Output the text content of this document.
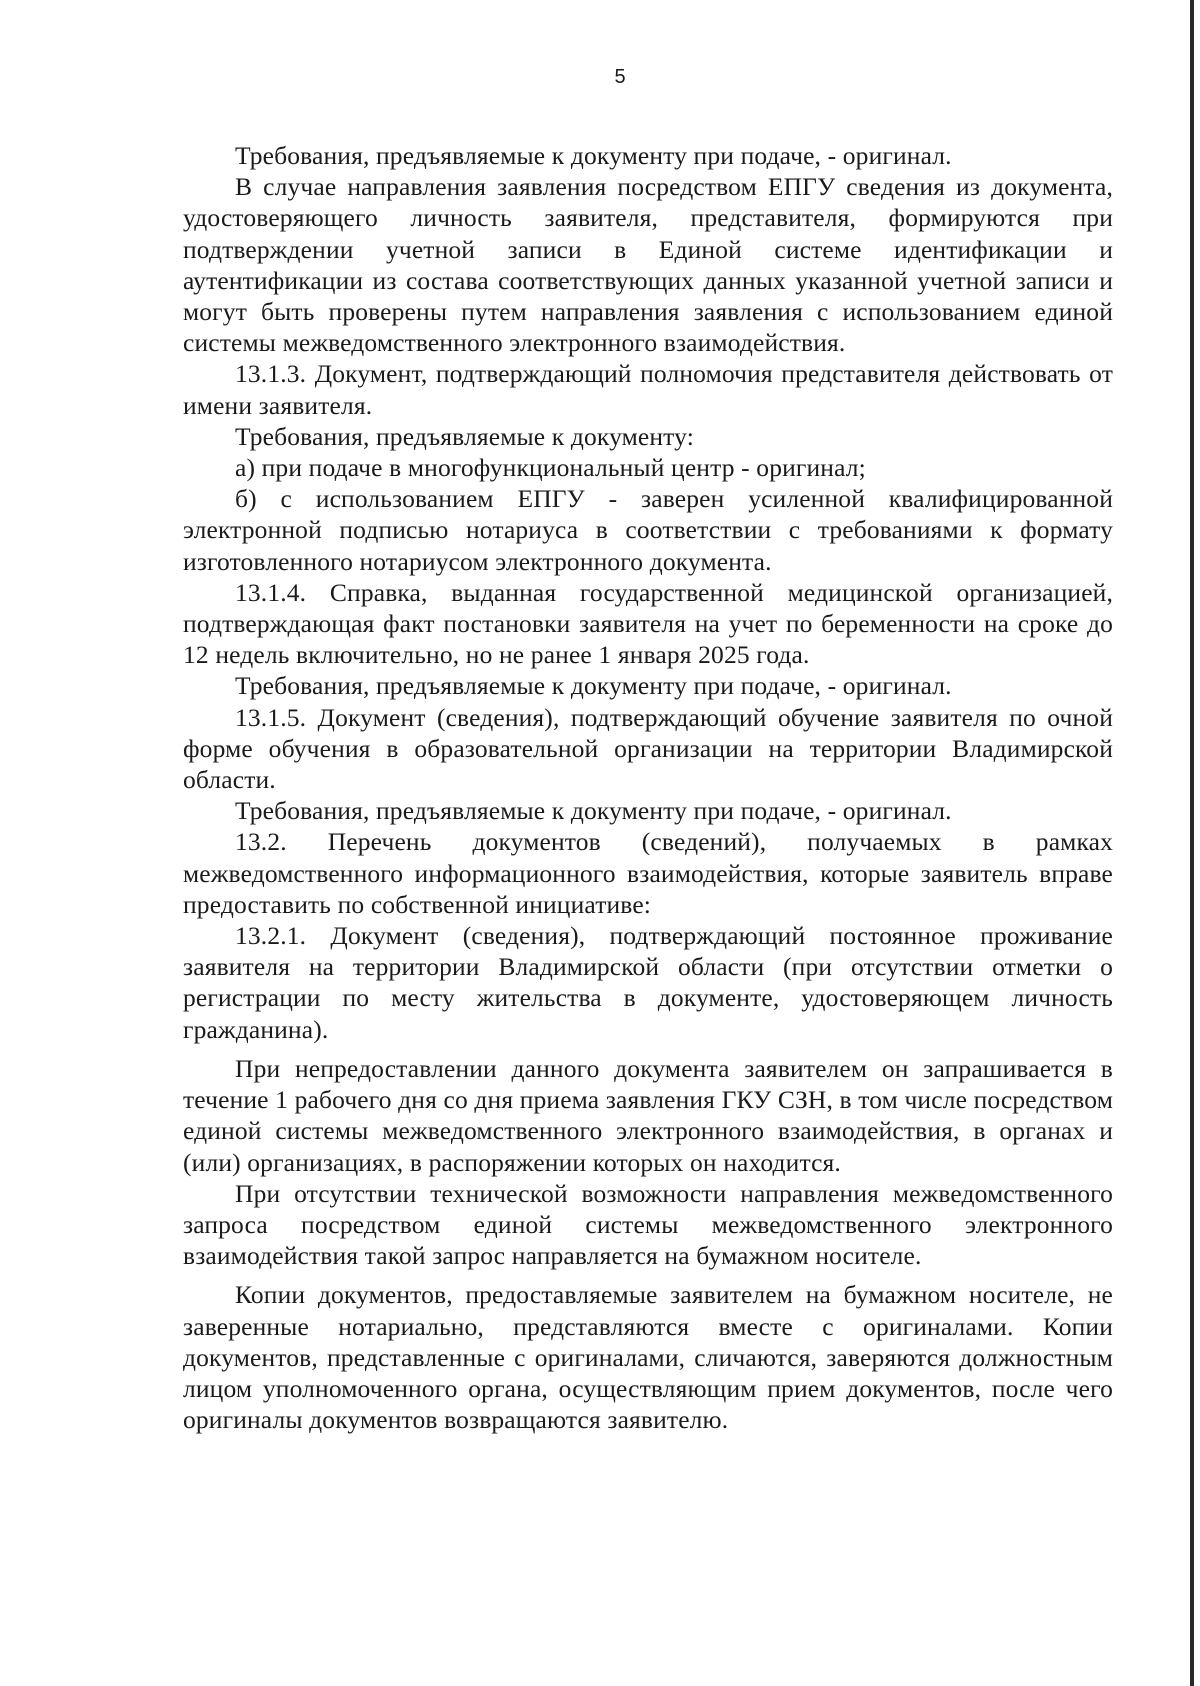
5

Требования, предъявляемые к документу при подаче, - оригинал.

В случае направления заявления посредством ЕПГУ сведения из документа, удостоверяющего личность заявителя, представителя, формируются при подтверждении учетной записи в Единой системе идентификации и аутентификации из состава соответствующих данных указанной учетной записи и могут быть проверены путем направления заявления с использованием единой системы межведомственного электронного взаимодействия.

13.1.3. Документ, подтверждающий полномочия представителя действовать от имени заявителя.

Требования, предъявляемые к документу:

а) при подаче в многофункциональный центр - оригинал;

б) с использованием ЕПГУ - заверен усиленной квалифицированной электронной подписью нотариуса в соответствии с требованиями к формату изготовленного нотариусом электронного документа.

13.1.4. Справка, выданная государственной медицинской организацией, подтверждающая факт постановки заявителя на учет по беременности на сроке до 12 недель включительно, но не ранее 1 января 2025 года.

Требования, предъявляемые к документу при подаче, - оригинал.

13.1.5. Документ (сведения), подтверждающий обучение заявителя по очной форме обучения в образовательной организации на территории Владимирской области.

Требования, предъявляемые к документу при подаче, - оригинал.

13.2. Перечень документов (сведений), получаемых в рамках межведомственного информационного взаимодействия, которые заявитель вправе предоставить по собственной инициативе:

13.2.1. Документ (сведения), подтверждающий постоянное проживание заявителя на территории Владимирской области (при отсутствии отметки о регистрации по месту жительства в документе, удостоверяющем личность гражданина).

При непредоставлении данного документа заявителем он запрашивается в течение 1 рабочего дня со дня приема заявления ГКУ СЗН, в том числе посредством единой системы межведомственного электронного взаимодействия, в органах и (или) организациях, в распоряжении которых он находится.

При отсутствии технической возможности направления межведомственного запроса посредством единой системы межведомственного электронного взаимодействия такой запрос направляется на бумажном носителе.

Копии документов, предоставляемые заявителем на бумажном носителе, не заверенные нотариально, представляются вместе с оригиналами. Копии документов, представленные с оригиналами, сличаются, заверяются должностным лицом уполномоченного органа, осуществляющим прием документов, после чего оригиналы документов возвращаются заявителю.
